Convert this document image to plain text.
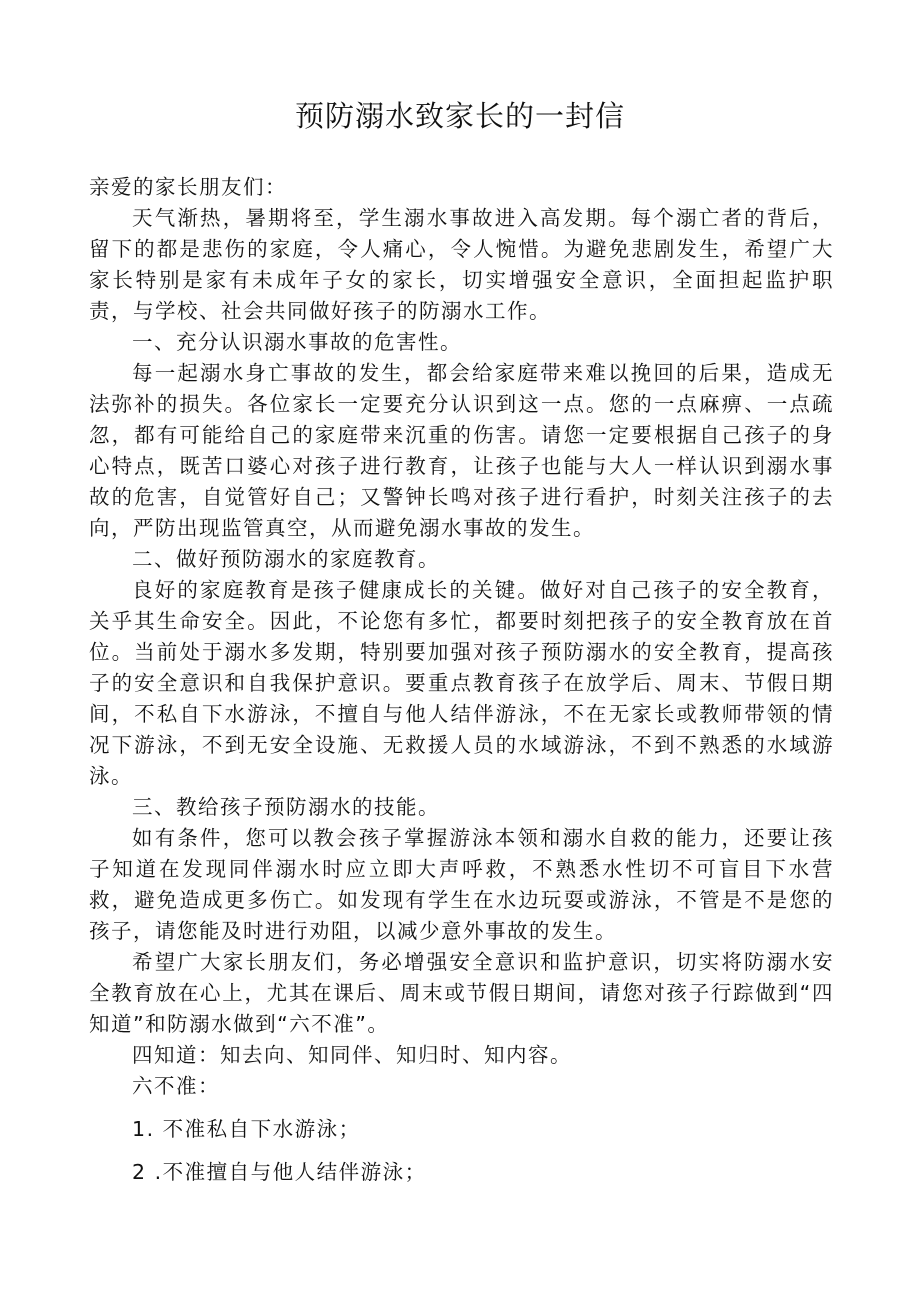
预防溺水致家长的一封信

亲爱的家长朋友们：

天气渐热，暑期将至，学生溺水事故进入高发期。每个溺亡者的背后，留下的都是悲伤的家庭，令人痛心，令人惋惜。为避免悲剧发生，希望广大家长特别是家有未成年子女的家长，切实增强安全意识，全面担起监护职责，与学校、社会共同做好孩子的防溺水工作。

一、充分认识溺水事故的危害性。

每一起溺水身亡事故的发生，都会给家庭带来难以挽回的后果，造成无法弥补的损失。各位家长一定要充分认识到这一点。您的一点麻痹、一点疏忽，都有可能给自己的家庭带来沉重的伤害。请您一定要根据自己孩子的身心特点，既苦口婆心对孩子进行教育，让孩子也能与大人一样认识到溺水事故的危害，自觉管好自己；又警钟长鸣对孩子进行看护，时刻关注孩子的去向，严防出现监管真空，从而避免溺水事故的发生。

二、做好预防溺水的家庭教育。

良好的家庭教育是孩子健康成长的关键。做好对自己孩子的安全教育，关乎其生命安全。因此，不论您有多忙，都要时刻把孩子的安全教育放在首位。当前处于溺水多发期，特别要加强对孩子预防溺水的安全教育，提高孩子的安全意识和自我保护意识。要重点教育孩子在放学后、周末、节假日期间，不私自下水游泳，不擅自与他人结伴游泳，不在无家长或教师带领的情况下游泳，不到无安全设施、无救援人员的水域游泳，不到不熟悉的水域游泳。

三、教给孩子预防溺水的技能。

如有条件，您可以教会孩子掌握游泳本领和溺水自救的能力，还要让孩子知道在发现同伴溺水时应立即大声呼救，不熟悉水性切不可盲目下水营救，避免造成更多伤亡。如发现有学生在水边玩耍或游泳，不管是不是您的孩子，请您能及时进行劝阻，以减少意外事故的发生。

希望广大家长朋友们，务必增强安全意识和监护意识，切实将防溺水安全教育放在心上，尤其在课后、周末或节假日期间，请您对孩子行踪做到“四知道”和防溺水做到“六不准”。

四知道：知去向、知同伴、知归时、知内容。

六不准：

1. 不准私自下水游泳；

2 .不准擅自与他人结伴游泳；
